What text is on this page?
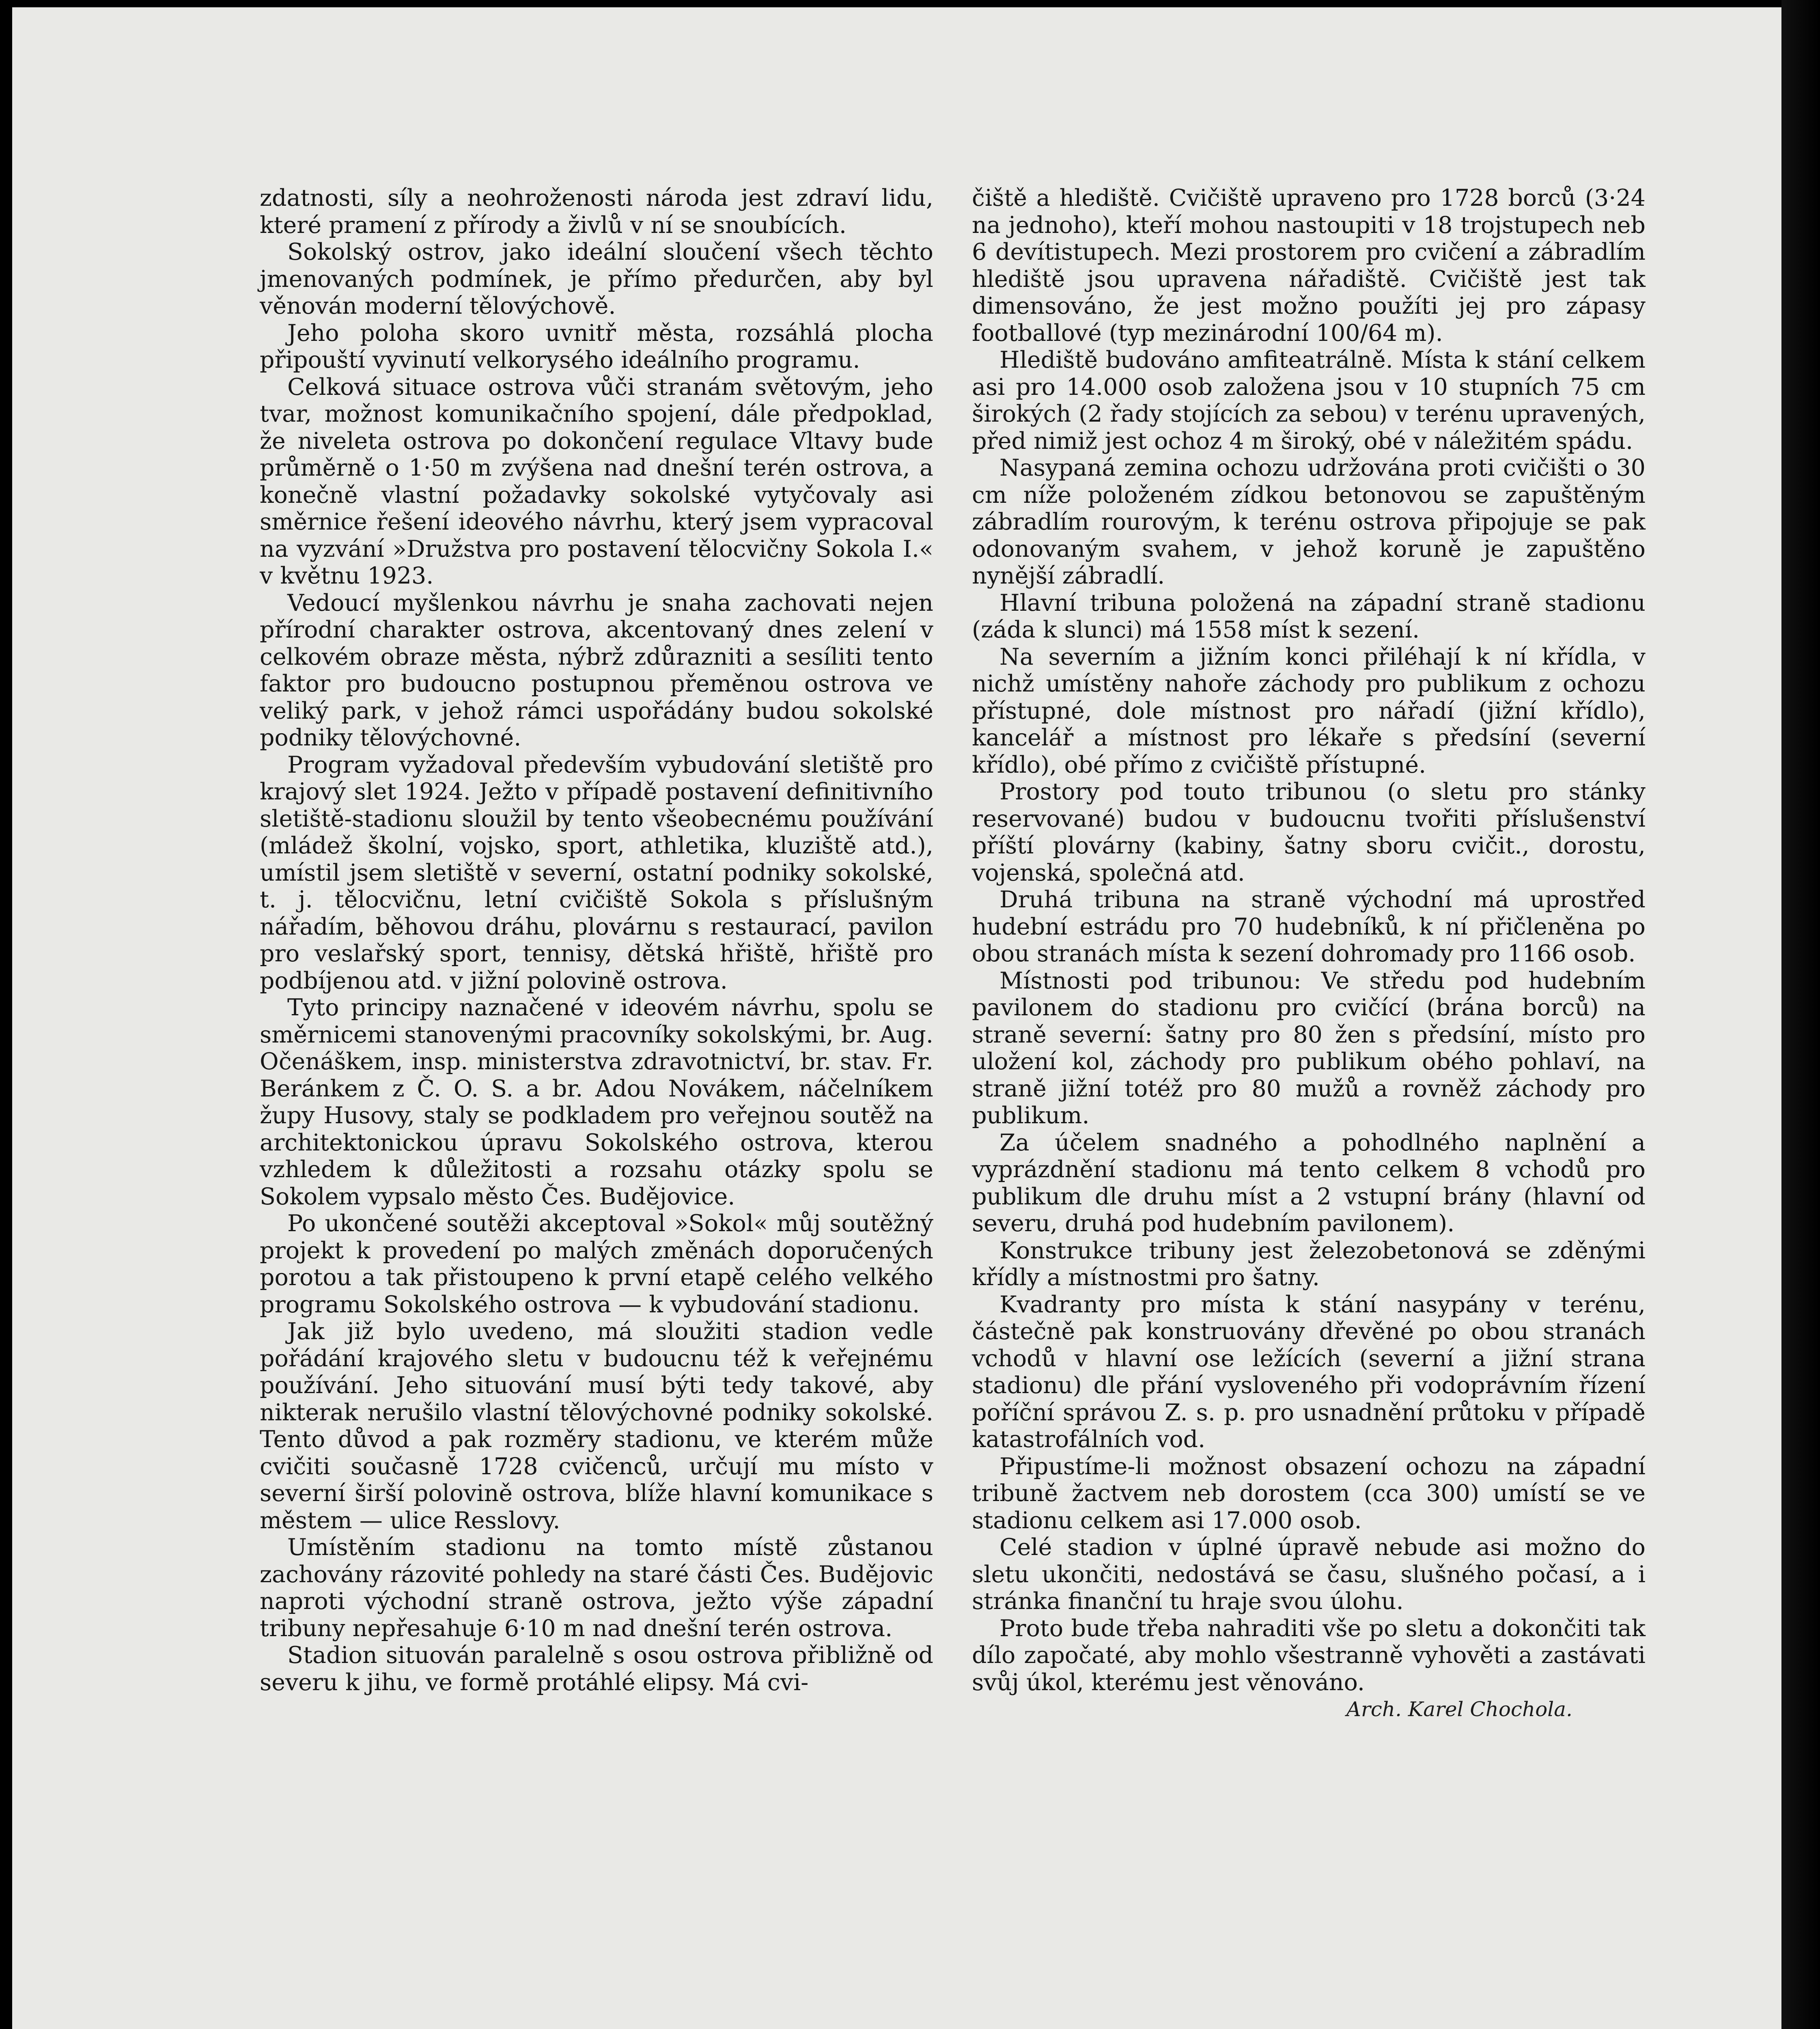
zdatnosti, síly a neohroženosti národa jest zdraví lidu, které pramení z přírody a živlů v ní se snoubících.

Sokolský ostrov, jako ideální sloučení všech těchto jmenovaných podmínek, je přímo předurčen, aby byl věnován moderní tělovýchově.

Jeho poloha skoro uvnitř města, rozsáhlá plocha připouští vyvinutí velkorysého ideálního programu.

Celková situace ostrova vůči stranám světovým, jeho tvar, možnost komunikačního spojení, dále předpoklad, že niveleta ostrova po dokončení regulace Vltavy bude průměrně o 1·50 m zvýšena nad dnešní terén ostrova, a konečně vlastní požadavky sokolské vytyčovaly asi směrnice řešení ideového návrhu, který jsem vypracoval na vyzvání »Družstva pro postavení tělocvičny Sokola I.« v květnu 1923.

Vedoucí myšlenkou návrhu je snaha zachovati nejen přírodní charakter ostrova, akcentovaný dnes zelení v celkovém obraze města, nýbrž zdůrazniti a sesíliti tento faktor pro budoucno postupnou přeměnou ostrova ve veliký park, v jehož rámci uspořádány budou sokolské podniky tělovýchovné.

Program vyžadoval především vybudování sletiště pro krajový slet 1924. Ježto v případě postavení definitivního sletiště-stadionu sloužil by tento všeobecnému používání (mládež školní, vojsko, sport, athletika, kluziště atd.), umístil jsem sletiště v severní, ostatní podniky sokolské, t. j. tělocvičnu, letní cvičiště Sokola s příslušným nářadím, běhovou dráhu, plovárnu s restaurací, pavilon pro veslařský sport, tennisy, dětská hřiště, hřiště pro podbíjenou atd. v jižní polovině ostrova.

Tyto principy naznačené v ideovém návrhu, spolu se směrnicemi stanovenými pracovníky sokolskými, br. Aug. Očenáškem, insp. ministerstva zdravotnictví, br. stav. Fr. Beránkem z Č. O. S. a br. Adou Novákem, náčelníkem župy Husovy, staly se podkladem pro veřejnou soutěž na architektonickou úpravu Sokolského ostrova, kterou vzhledem k důležitosti a rozsahu otázky spolu se Sokolem vypsalo město Čes. Budějovice.

Po ukončené soutěži akceptoval »Sokol« můj soutěžný projekt k provedení po malých změnách doporučených porotou a tak přistoupeno k první etapě celého velkého programu Sokolského ostrova — k vybudování stadionu.

Jak již bylo uvedeno, má sloužiti stadion vedle pořádání krajového sletu v budoucnu též k veřejnému používání. Jeho situování musí býti tedy takové, aby nikterak nerušilo vlastní tělovýchovné podniky sokolské. Tento důvod a pak rozměry stadionu, ve kterém může cvičiti současně 1728 cvičenců, určují mu místo v severní širší polovině ostrova, blíže hlavní komunikace s městem — ulice Resslovy.

Umístěním stadionu na tomto místě zůstanou zachovány rázovité pohledy na staré části Čes. Budějovic naproti východní straně ostrova, ježto výše západní tribuny nepřesahuje 6·10 m nad dnešní terén ostrova.

Stadion situován paralelně s osou ostrova přibližně od severu k jihu, ve formě protáhlé elipsy. Má cvi-

čiště a hlediště. Cvičiště upraveno pro 1728 borců (3·24 na jednoho), kteří mohou nastoupiti v 18 trojstupech neb 6 devítistupech. Mezi prostorem pro cvičení a zábradlím hlediště jsou upravena nářadiště. Cvičiště jest tak dimensováno, že jest možno použíti jej pro zápasy footballové (typ mezinárodní 100/64 m).

Hlediště budováno amfiteatrálně. Místa k stání celkem asi pro 14.000 osob založena jsou v 10 stupních 75 cm širokých (2 řady stojících za sebou) v terénu upravených, před nimiž jest ochoz 4 m široký, obé v náležitém spádu.

Nasypaná zemina ochozu udržována proti cvičišti o 30 cm níže položeném zídkou betonovou se zapuštěným zábradlím rourovým, k terénu ostrova připojuje se pak odonovaným svahem, v jehož koruně je zapuštěno nynější zábradlí.

Hlavní tribuna položená na západní straně stadionu (záda k slunci) má 1558 míst k sezení.

Na severním a jižním konci přiléhají k ní křídla, v nichž umístěny nahoře záchody pro publikum z ochozu přístupné, dole místnost pro nářadí (jižní křídlo), kancelář a místnost pro lékaře s předsíní (severní křídlo), obé přímo z cvičiště přístupné.

Prostory pod touto tribunou (o sletu pro stánky reservované) budou v budoucnu tvořiti příslušenství příští plovárny (kabiny, šatny sboru cvičit., dorostu, vojenská, společná atd.

Druhá tribuna na straně východní má uprostřed hudební estrádu pro 70 hudebníků, k ní přičleněna po obou stranách místa k sezení dohromady pro 1166 osob.

Místnosti pod tribunou: Ve středu pod hudebním pavilonem do stadionu pro cvičící (brána borců) na straně severní: šatny pro 80 žen s předsíní, místo pro uložení kol, záchody pro publikum obého pohlaví, na straně jižní totéž pro 80 mužů a rovněž záchody pro publikum.

Za účelem snadného a pohodlného naplnění a vyprázdnění stadionu má tento celkem 8 vchodů pro publikum dle druhu míst a 2 vstupní brány (hlavní od severu, druhá pod hudebním pavilonem).

Konstrukce tribuny jest železobetonová se zděnými křídly a místnostmi pro šatny.

Kvadranty pro místa k stání nasypány v terénu, částečně pak konstruovány dřevěné po obou stranách vchodů v hlavní ose ležících (severní a jižní strana stadionu) dle přání vysloveného při vodoprávním řízení poříční správou Z. s. p. pro usnadnění průtoku v případě katastrofálních vod.

Připustíme-li možnost obsazení ochozu na západní tribuně žactvem neb dorostem (cca 300) umístí se ve stadionu celkem asi 17.000 osob.

Celé stadion v úplné úpravě nebude asi možno do sletu ukončiti, nedostává se času, slušného počasí, a i stránka finanční tu hraje svou úlohu.

Proto bude třeba nahraditi vše po sletu a dokončiti tak dílo započaté, aby mohlo všestranně vyhověti a zastávati svůj úkol, kterému jest věnováno.

Arch. Karel Chochola.
